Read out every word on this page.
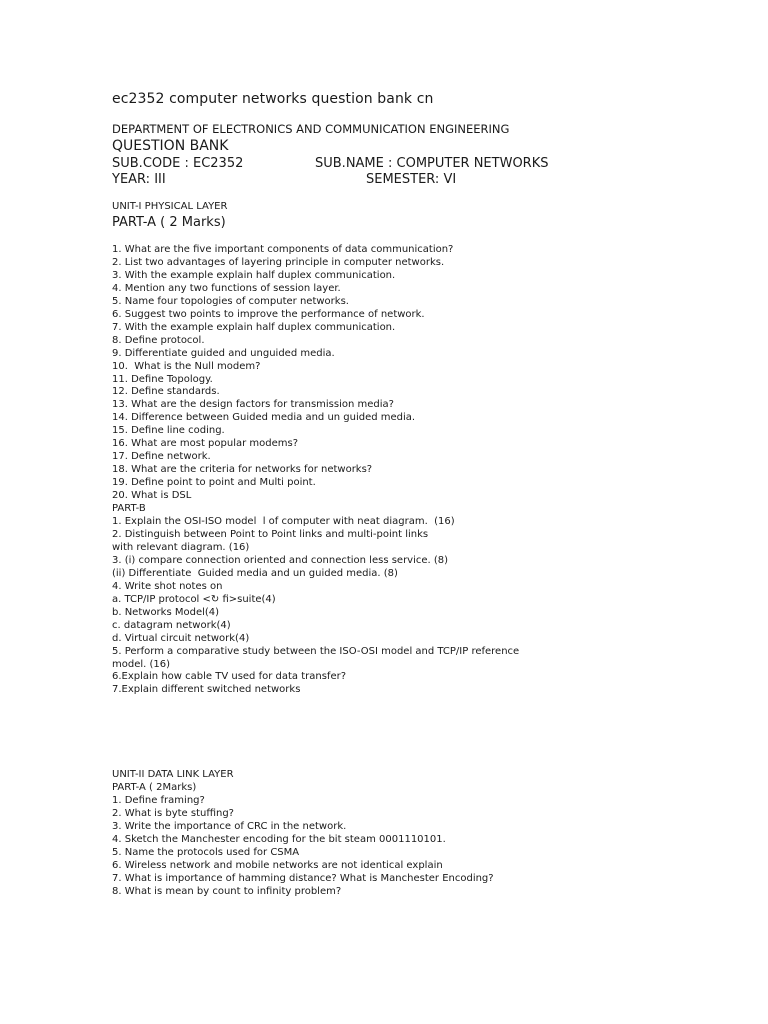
ec2352 computer networks question bank cn
DEPARTMENT OF ELECTRONICS AND COMMUNICATION ENGINEERING
QUESTION BANK
SUB.CODE : EC2352	SUB.NAME : COMPUTER NETWORKS
YEAR: III	SEMESTER: VI
UNIT-I PHYSICAL LAYER
PART-A ( 2 Marks)
1. What are the five important components of data communication?
2. List two advantages of layering principle in computer networks.
3. With the example explain half duplex communication.
4. Mention any two functions of session layer.
5. Name four topologies of computer networks.
6. Suggest two points to improve the performance of network.
7. With the example explain half duplex communication.
8. Define protocol.
9. Differentiate guided and unguided media.
10.  What is the Null modem?
11. Define Topology.
12. Define standards.
13. What are the design factors for transmission media?
14. Difference between Guided media and un guided media.
15. Define line coding.
16. What are most popular modems?
17. Define network.
18. What are the criteria for networks for networks?
19. Define point to point and Multi point.
20. What is DSL
PART-B
1. Explain the OSI-ISO model  l of computer with neat diagram.  (16)
2. Distinguish between Point to Point links and multi-point links
with relevant diagram. (16)
3. (i) compare connection oriented and connection less service. (8)
(ii) Differentiate  Guided media and un guided media. (8)
4. Write shot notes on
a. TCP/IP protocol <↻ fi>suite(4)
b. Networks Model(4)
c. datagram network(4)
d. Virtual circuit network(4)
5. Perform a comparative study between the ISO-OSI model and TCP/IP reference
model. (16)
6.Explain how cable TV used for data transfer?
7.Explain different switched networks
UNIT-II DATA LINK LAYER
PART-A ( 2Marks)
1. Define framing?
2. What is byte stuffing?
3. Write the importance of CRC in the network.
4. Sketch the Manchester encoding for the bit steam 0001110101.
5. Name the protocols used for CSMA
6. Wireless network and mobile networks are not identical explain
7. What is importance of hamming distance? What is Manchester Encoding?
8. What is mean by count to infinity problem?
